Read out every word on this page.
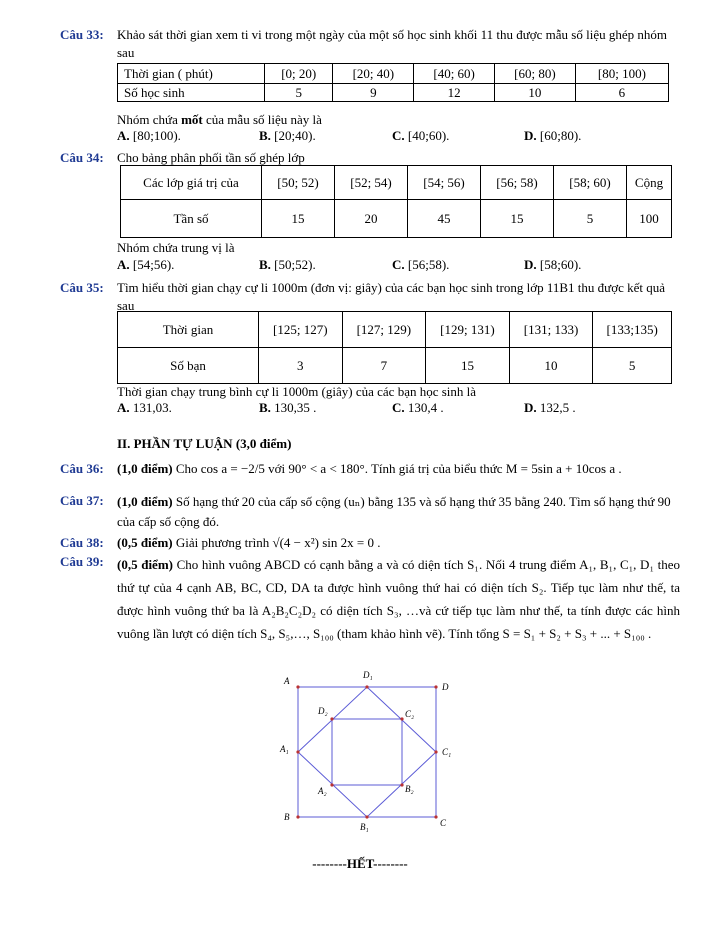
Câu 33:	Khảo sát thời gian xem ti vi trong một ngày của một số học sinh khối 11 thu được mẫu số liệu ghép nhóm sau
Thời gian ( phút)	[0; 20)	[20; 40)	[40; 60)	[60; 80)	[80; 100)
Số học sinh	5	9	12	10	6
Nhóm chứa mốt của mẫu số liệu này là
A. [80;100).	B. [20;40).	C. [40;60).	D. [60;80).
Câu 34:	Cho bảng phân phối tần số ghép lớp
Các lớp giá trị của	[50; 52)	[52; 54)	[54; 56)	[56; 58)	[58; 60)	Cộng
Tần số	15	20	45	15	5	100
Nhóm chứa trung vị là
A. [54;56).	B. [50;52).	C. [56;58).	D. [58;60).
Câu 35:	Tìm hiểu thời gian chạy cự li 1000m (đơn vị: giây) của các bạn học sinh trong lớp 11B1 thu được kết quả sau
Thời gian	[125; 127)	[127; 129)	[129; 131)	[131; 133)	[133;135)
Số bạn	3	7	15	10	5
Thời gian chạy trung bình cự li 1000m (giây) của các bạn học sinh là
A. 131,03.	B. 130,35 .	C. 130,4 .	D. 132,5 .
II. PHẦN TỰ LUẬN (3,0 điểm)
Câu 36:	(1,0 điểm) Cho cos a = −2/5 với 90° < a < 180°. Tính giá trị của biểu thức M = 5sin a + 10cos a .
Câu 37:	(1,0 điểm) Số hạng thứ 20 của cấp số cộng (uₙ) bằng 135 và số hạng thứ 35 bằng 240. Tìm số hạng thứ 90 của cấp số cộng đó.
Câu 38:	(0,5 điểm) Giải phương trình √(4 − x²) sin 2x = 0 .
Câu 39:	(0,5 điểm) Cho hình vuông ABCD có cạnh bằng a và có diện tích S₁. Nối 4 trung điểm A₁, B₁, C₁, D₁ theo thứ tự của 4 cạnh AB, BC, CD, DA ta được hình vuông thứ hai có diện tích S₂. Tiếp tục làm như thế, ta được hình vuông thứ ba là A₂B₂C₂D₂ có diện tích S₃, …và cứ tiếp tục làm như thế, ta tính được các hình vuông lần lượt có diện tích S₄, S₅,…, S₁₀₀ (tham khảo hình vẽ). Tính tổng S = S₁ + S₂ + S₃ + ... + S₁₀₀ .
A
D
B
C
D₁
C₁
B₁
A₁
D₂	C₂
A₂	B₂
--------HẾT--------
